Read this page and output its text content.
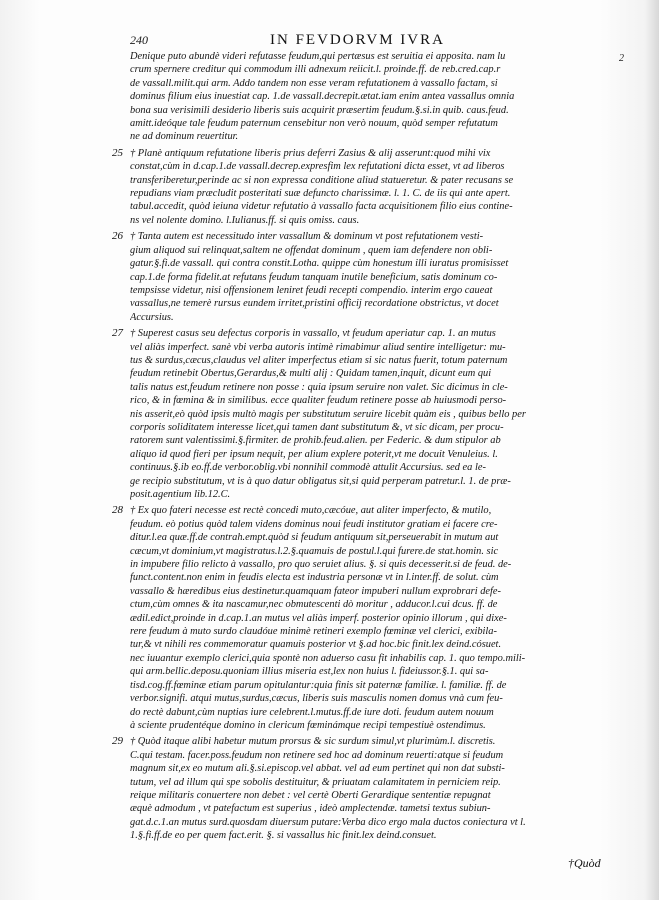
240	IN FEVDORVM IVRA
2
Denique puto abundè videri refutasse feudum,qui pertæsus est seruitia ei apposita. nam lu
crum spernere creditur qui commodum illi adnexum reiicit.l. proinde.ff. de reb.cred.cap.r
de vassall.milit.qui arm. Addo tandem non esse veram refutationem à vassallo factam, si
dominus filium eius inuestiat cap. 1.de vassall.decrepit.ætat.iam enim antea vassallus omnia
bona sua verisimili desiderio liberis suis acquirit præsertim feudum.§.si.in quib. caus.feud.
amitt.ideóque tale feudum paternum censebitur non verò nouum, quòd semper refutatum
ne ad dominum reuertitur.
25 † Planè antiquum refutatione liberis prius deferri Zasius & alij asserunt:quod mihi vix
constat,cùm in d.cap.1.de vassall.decrep.expresfim lex refutationi dicta esset, vt ad liberos
transferiberetur,perinde ac si non expressa conditione aliud statueretur. & pater recusans se
repudians viam præcludit posteritati suæ defuncto charissimæ. l. 1. C. de iis qui ante apert.
tabul.accedit, quòd ieiuna videtur refutatio à vassallo facta acquisitionem filio eius contine-
ns vel nolente domino. l.Iulianus.ff. si quis omiss. caus.
26 † Tanta autem est necessitudo inter vassallum & dominum vt post refutationem vesti-
gium aliquod sui relinquat,saltem ne offendat dominum , quem iam defendere non obli-
gatur.§.fi.de vassall. qui contra constit.Lotha. quippe cùm honestum illi iuratus promisisset
cap.1.de forma fidelit.at refutans feudum tanquam inutile beneficium, satis dominum co-
tempsisse videtur, nisi offensionem leniret feudi recepti compendio. interim ergo caueat
vassallus,ne temerè rursus eundem irritet,pristini officij recordatione obstrictus, vt docet
Accursius.
27 † Superest casus seu defectus corporis in vassallo, vt feudum aperiatur cap. 1. an mutus
vel aliàs imperfect. sanè vbi verba autoris intimè rimabimur aliud sentire intelligetur: mu-
tus & surdus,cæcus,claudus vel aliter imperfectus etiam si sic natus fuerit, totum paternum
feudum retinebit Obertus,Gerardus,& multi alij : Quidam tamen,inquit, dicunt eum qui
talis natus est,feudum retinere non posse : quia ipsum seruire non valet. Sic dicimus in cle-
rico, & in fœmina & in similibus. ecce qualiter feudum retinere posse ab huiusmodi perso-
nis asserit,eò quòd ipsis multò magis per substitutum seruire licebit quàm eis , quibus bello per
corporis soliditatem interesse licet,qui tamen dant substitutum &, vt sic dicam, per procu-
ratorem sunt valentissimi.§.firmiter. de prohib.feud.alien. per Federic. & dum stipulor ab
aliquo id quod fieri per ipsum nequit, per alium explere poterit,vt me docuit Venuleius. l.
continuus.§.ib eo.ff.de verbor.oblig.vbi nonnihil commodè attulit Accursius. sed ea le-
ge recipio substitutum, vt is à quo datur obligatus sit,si quid perperam patretur.l. 1. de præ-
posit.agentium lib.12.C.
28 † Ex quo fateri necesse est rectè concedi muto,cæcóue, aut aliter imperfecto, & mutilo,
feudum. eò potius quòd talem videns dominus noui feudi institutor gratiam ei facere cre-
ditur.l.ea quæ.ff.de contrah.empt.quòd si feudum antiquum sit,perseuerabit in mutum aut
cæcum,vt dominium,vt magistratus.l.2.§.quamuis de postul.l.qui furere.de stat.homin. sic
in impubere filio relicto à vassallo, pro quo seruiet alius. §. si quis decesserit.si de feud. de-
funct.content.non enim in feudis electa est industria personæ vt in l.inter.ff. de solut. cùm
vassallo & hæredibus eius destinetur.quamquam fateor impuberi nullum exprobrari defe-
ctum,cùm omnes & ita nascamur,nec obmutescenti dò moritur , adducor.l.cui dcus. ff. de
ædil.edict,proinde in d.cap.1.an mutus vel aliàs imperf. posterior opinio illorum , qui dixe-
rere feudum à muto surdo claudóue minimè retineri exemplo fœminæ vel clerici, exibila-
tur,& vt nihili res commemoratur quamuis posterior vt §.ad hoc.bic finit.lex deind.cósuet.
nec iuuantur exemplo clerici,quia spontè non aduerso casu fit inhabilis cap. 1. quo tempo.mili-
qui arm.bellic.deposu.quoniam illius miseria est,lex non huius l. fideiussor.§.1. qui sa-
tisd.cog.ff.fœminæ etiam parum opitulantur:quia finis sit paternæ familiæ. l. familiæ. ff. de
verbor.signifi. atqui mutus,surdus,cæcus, liberis suis masculis nomen domus vnà cum feu-
do rectè dabunt,cùm nuptias iure celebrent.l.mutus.ff.de iure doti. feudum autem nouum
à sciente prudentéque domino in clericum fœminámque recipi tempestiuè ostendimus.
29 † Quòd itaque alibi habetur mutum prorsus & sic surdum simul,vt plurimùm.l. discretis.
C.qui testam. facer.poss.feudum non retinere sed hoc ad dominum reuerti:atque si feudum
magnum sit,ex eo mutum ali.§.si.episcop.vel abbat. vel ad eum pertinet qui non dat substi-
tutum, vel ad illum qui spe sobolis destituitur, & priuatam calamitatem in perniciem reip.
reique militaris conuertere non debet : vel certè Oberti Gerardique sententiæ repugnat
æquè admodum , vt patefactum est superius , ideò amplectendæ. tametsi textus subiun-
gat.d.c.1.an mutus surd.quosdam diuersum putare:Verba dico ergo mala ductos coniectura vt l.
1.§.fi.ff.de eo per quem fact.erit. §. si vassallus hic finit.lex deind.consuet.
†Quòd
